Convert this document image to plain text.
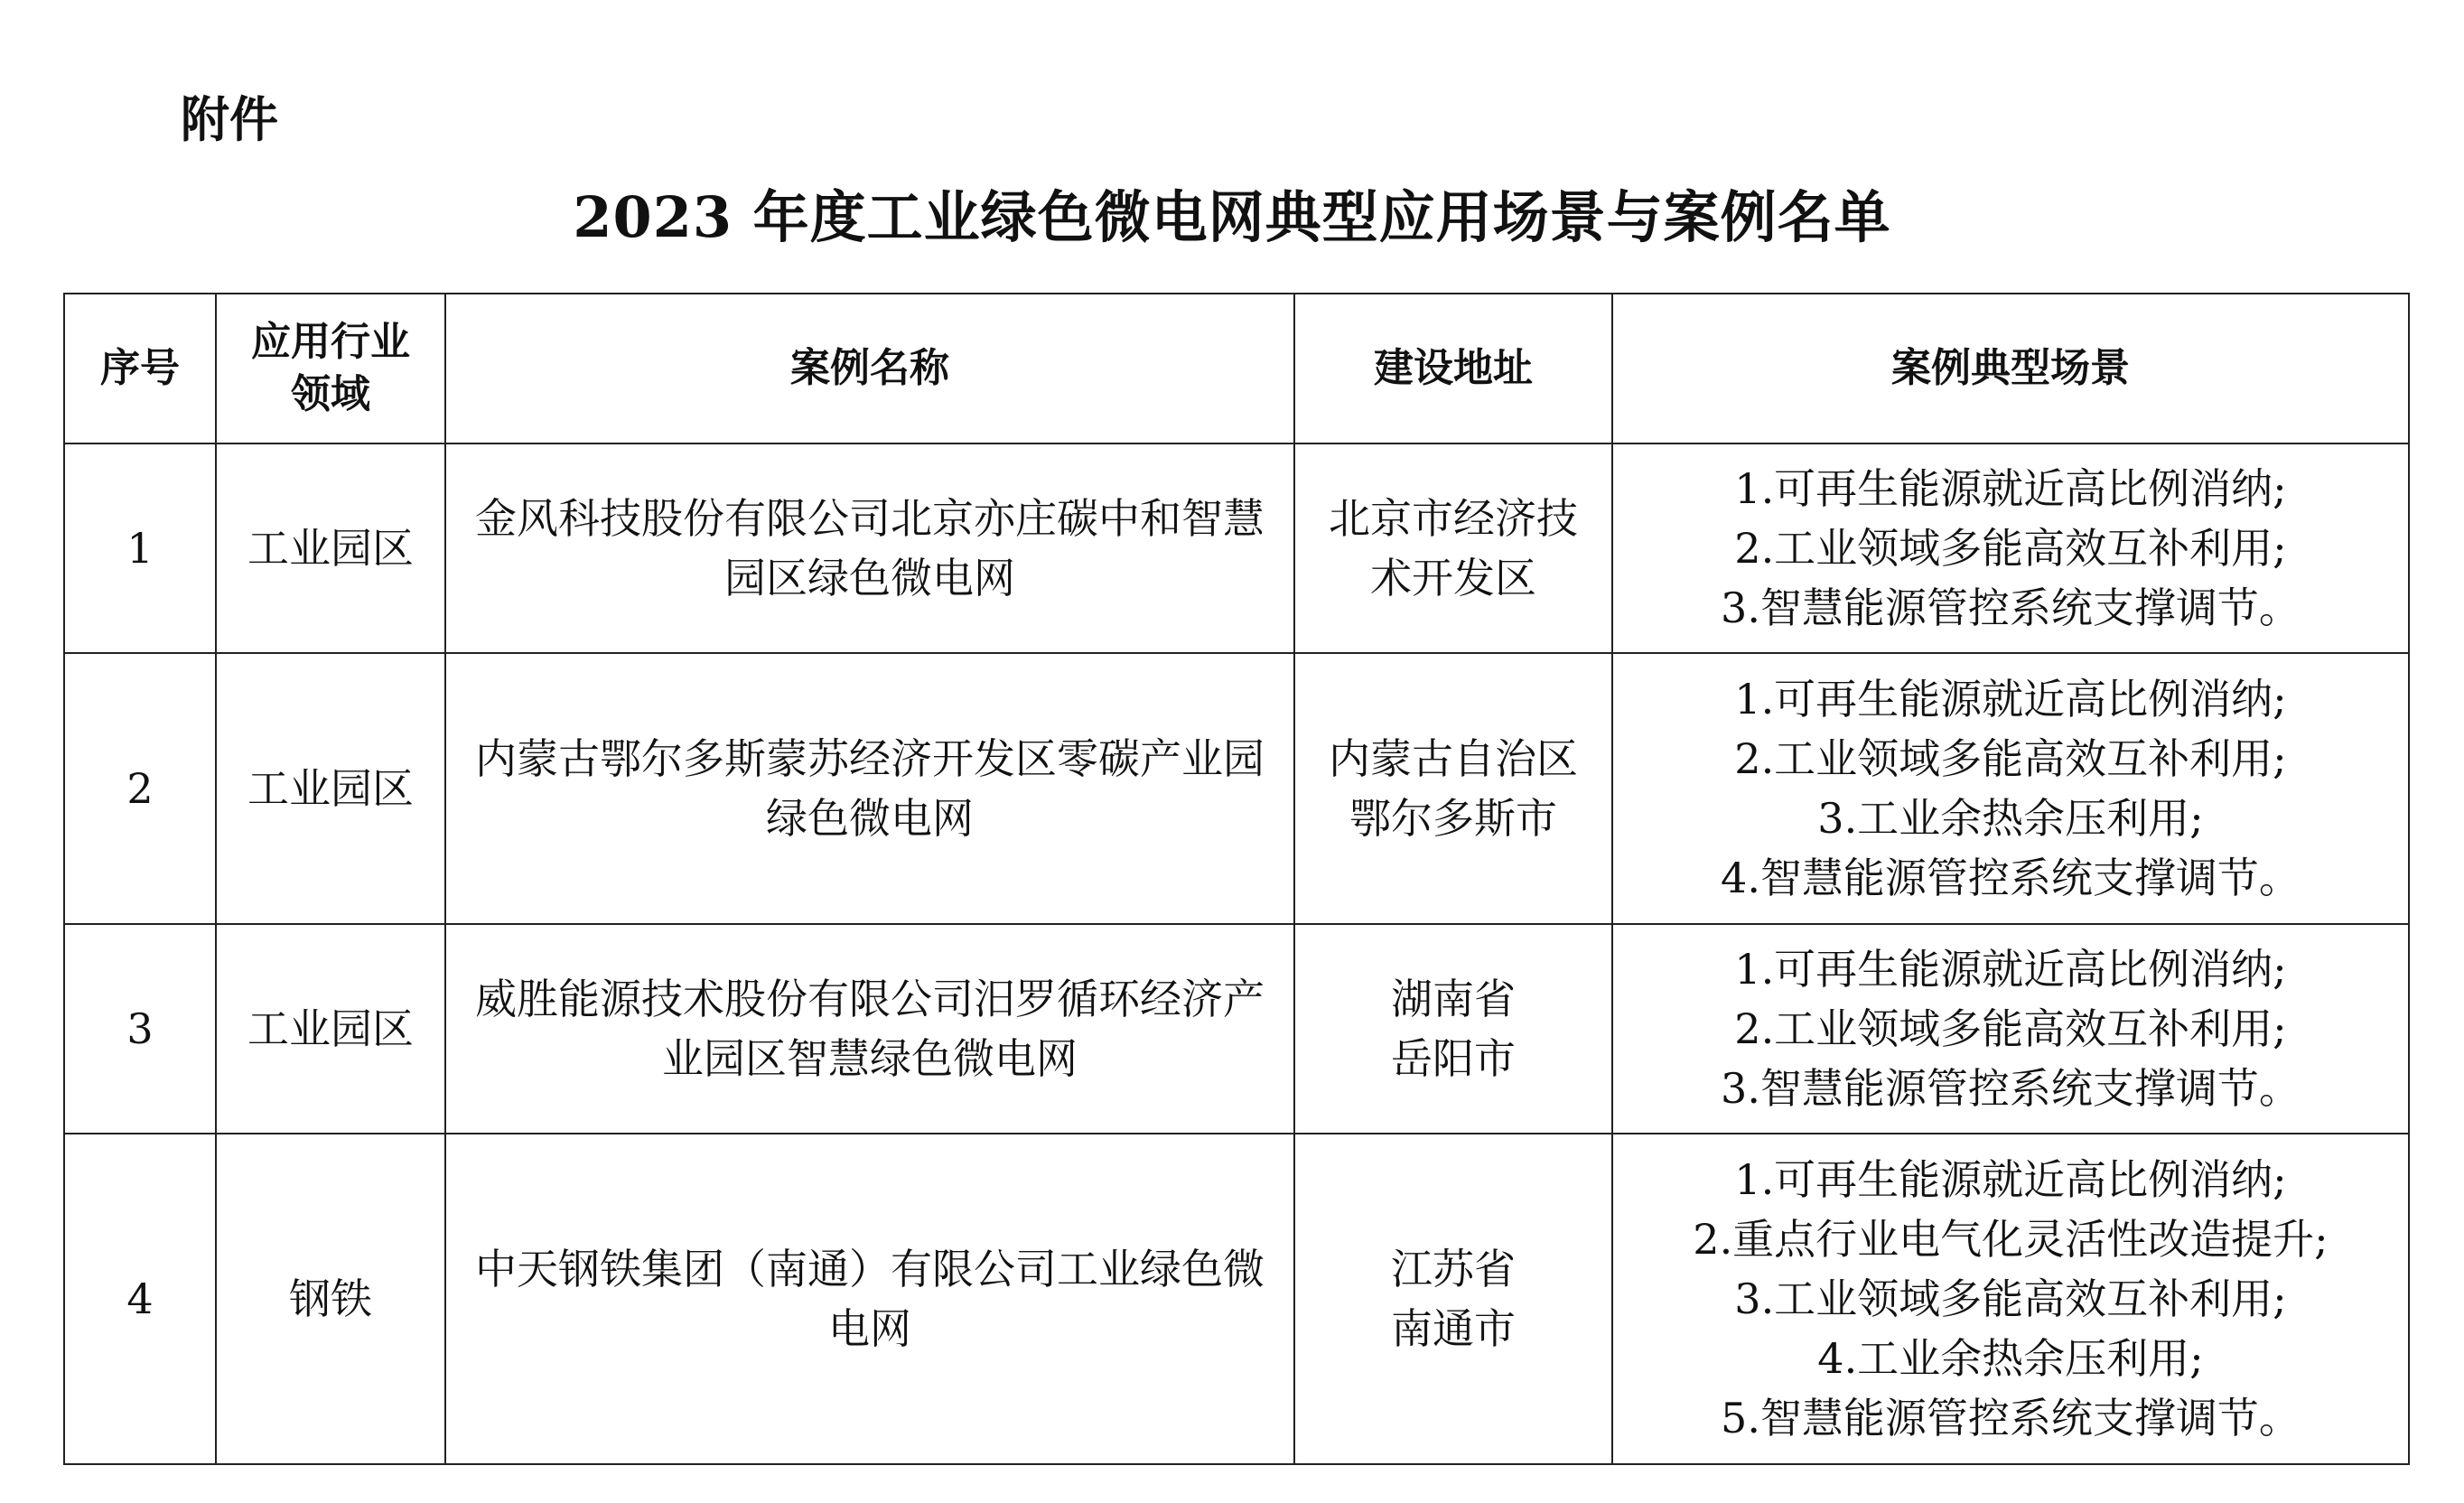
附件
2023 年度工业绿色微电网典型应用场景与案例名单
序号	应用行业领域	案例名称	建设地址	案例典型场景
1	工业园区	金风科技股份有限公司北京亦庄碳中和智慧园区绿色微电网	北京市经济技术开发区	1.可再生能源就近高比例消纳;
2.工业领域多能高效互补利用;
3.智慧能源管控系统支撑调节。

2	工业园区	内蒙古鄂尔多斯蒙苏经济开发区零碳产业园绿色微电网	内蒙古自治区鄂尔多斯市	1.可再生能源就近高比例消纳;
2.工业领域多能高效互补利用;
3.工业余热余压利用;
4.智慧能源管控系统支撑调节。

3	工业园区	威胜能源技术股份有限公司汨罗循环经济产业园区智慧绿色微电网	湖南省岳阳市	1.可再生能源就近高比例消纳;
2.工业领域多能高效互补利用;
3.智慧能源管控系统支撑调节。

4	钢铁	中天钢铁集团（南通）有限公司工业绿色微电网	江苏省南通市	1.可再生能源就近高比例消纳;
2.重点行业电气化灵活性改造提升;
3.工业领域多能高效互补利用;
4.工业余热余压利用;
5.智慧能源管控系统支撑调节。
